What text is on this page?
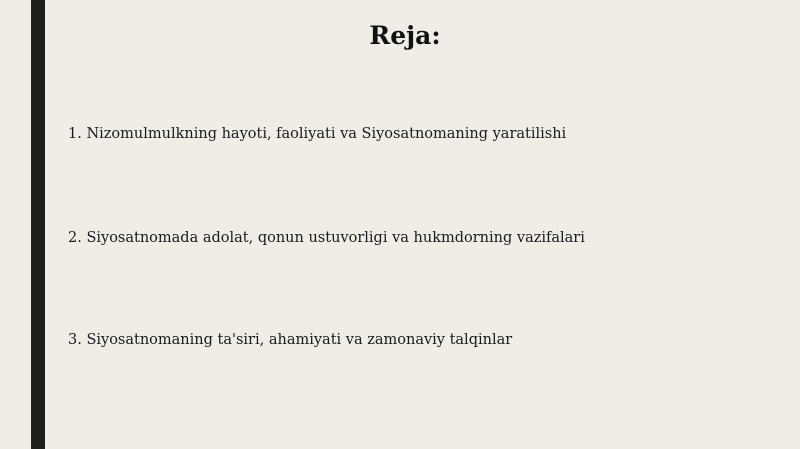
Reja:
1. Nizomulmulkning hayoti, faoliyati va Siyosatnomaning yaratilishi
2. Siyosatnomada adolat, qonun ustuvorligi va hukmdorning vazifalari
3. Siyosatnomaning ta'siri, ahamiyati va zamonaviy talqinlar
